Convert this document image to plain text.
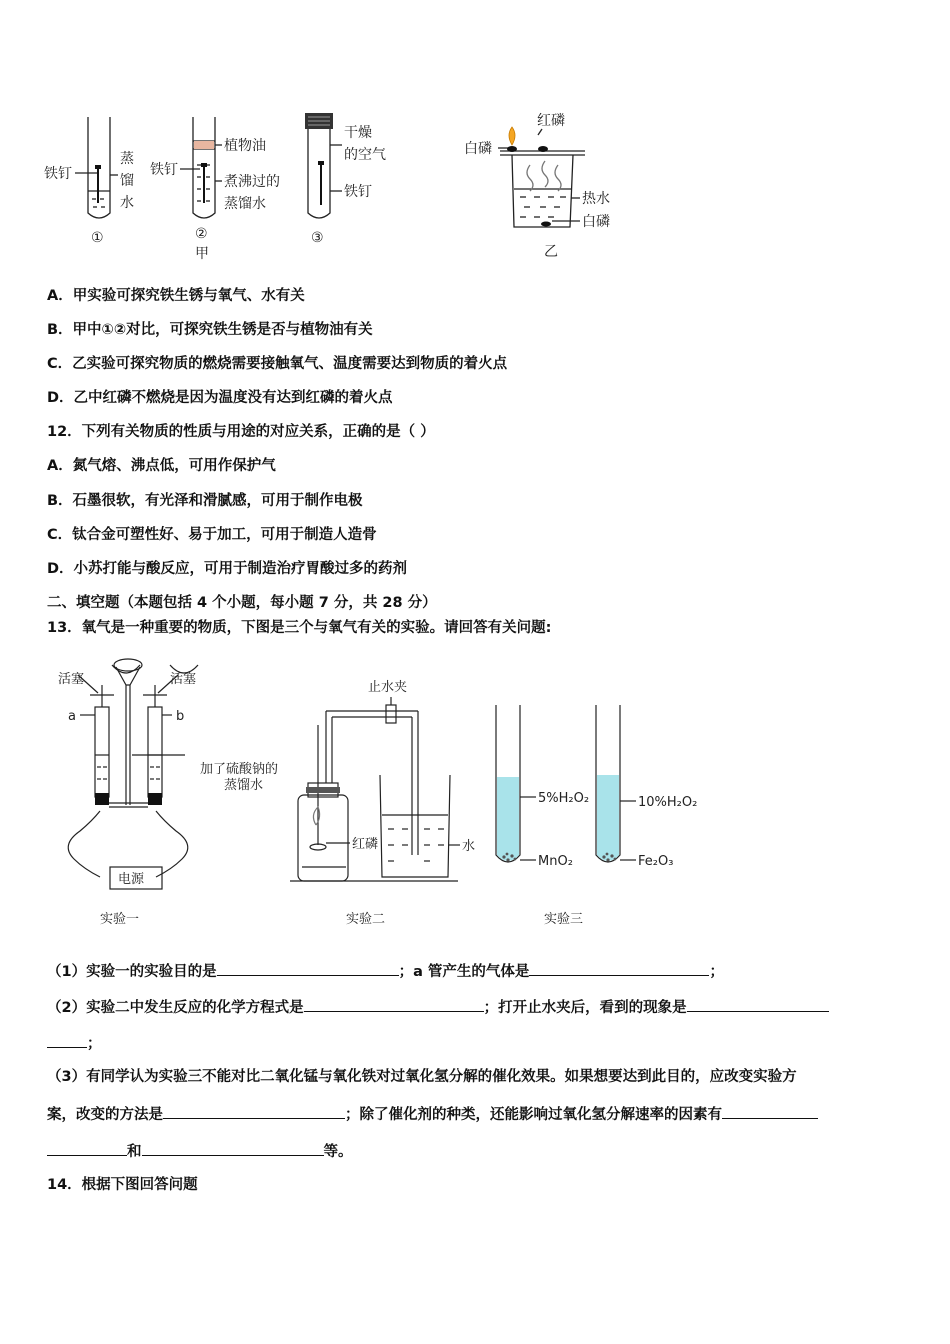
铁钉
蒸
馏
水
①
铁钉
植物油
煮沸过的
蒸馏水
②
甲
干燥
的空气
铁钉
③
红磷
白磷
热水
白磷
乙
A．甲实验可探究铁生锈与氧气、水有关
B．甲中①②对比，可探究铁生锈是否与植物油有关
C．乙实验可探究物质的燃烧需要接触氧气、温度需要达到物质的着火点
D．乙中红磷不燃烧是因为温度没有达到红磷的着火点
12．下列有关物质的性质与用途的对应关系，正确的是（ ）
A．氮气熔、沸点低，可用作保护气
B．石墨很软，有光泽和滑腻感，可用于制作电极
C．钛合金可塑性好、易于加工，可用于制造人造骨
D．小苏打能与酸反应，可用于制造治疗胃酸过多的药剂
二、填空题（本题包括 4 个小题，每小题 7 分，共 28 分）
13．氧气是一种重要的物质，下图是三个与氧气有关的实验。请回答有关问题:
活塞	活塞
a	b
加了硫酸钠的
蒸馏水
电源
实验一
止水夹
红磷	水
实验二
5%H₂O₂
MnO₂
10%H₂O₂
Fe₂O₃
实验三
（1）实验一的实验目的是	；a 管产生的气体是	；
（2）实验二中发生反应的化学方程式是	；打开止水夹后，看到的现象是
；
（3）有同学认为实验三不能对比二氧化锰与氧化铁对过氧化氢分解的催化效果。如果想要达到此目的，应改变实验方
案，改变的方法是	；除了催化剂的种类，还能影响过氧化氢分解速率的因素有
和	等。
14．根据下图回答问题
